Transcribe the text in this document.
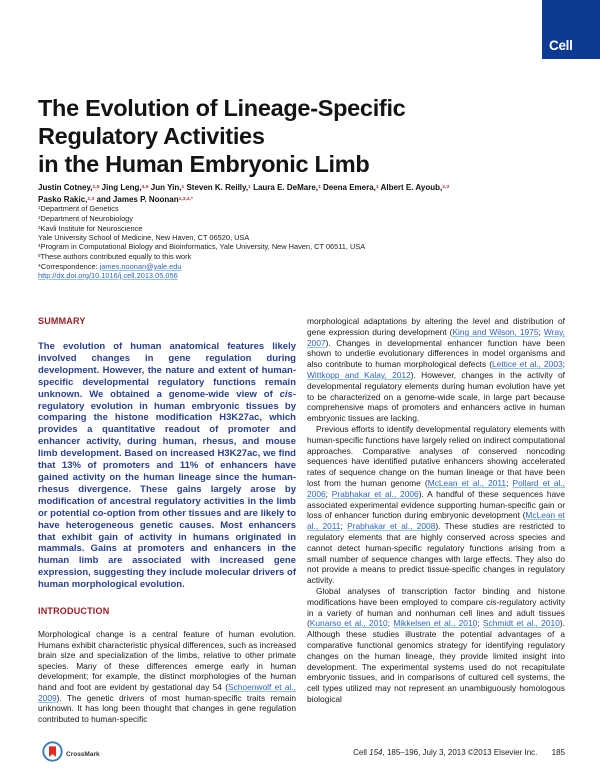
Cell
The Evolution of Lineage-Specific
Regulatory Activities
in the Human Embryonic Limb
Justin Cotney,$^{1,5}$ Jing Leng,$^{4,5}$ Jun Yin,$^1$ Steven K. Reilly,$^1$ Laura E. DeMare,$^1$ Deena Emera,$^1$ Albert E. Ayoub,$^{2,3}$
Pasko Rakic,$^{2,3}$ and James P. Noonan$^{1,3,4,*}$
$^1$Department of Genetics
$^2$Department of Neurobiology
$^3$Kavli Institute for Neuroscience
Yale University School of Medicine, New Haven, CT 06520, USA
$^4$Program in Computational Biology and Bioinformatics, Yale University, New Haven, CT 06511, USA
$^5$These authors contributed equally to this work
*Correspondence: james.noonan@yale.edu
http://dx.doi.org/10.1016/j.cell.2013.05.056
SUMMARY

The evolution of human anatomical features likely involved changes in gene regulation during development. However, the nature and extent of human-specific developmental regulatory functions remain unknown. We obtained a genome-wide view of cis-regulatory evolution in human embryonic tissues by comparing the histone modification H3K27ac, which provides a quantitative readout of promoter and enhancer activity, during human, rhesus, and mouse limb development. Based on increased H3K27ac, we find that 13% of promoters and 11% of enhancers have gained activity on the human lineage since the human-rhesus divergence. These gains largely arose by modification of ancestral regulatory activities in the limb or potential co-option from other tissues and are likely to have heterogeneous genetic causes. Most enhancers that exhibit gain of activity in humans originated in mammals. Gains at promoters and enhancers in the human limb are associated with increased gene expression, suggesting they include molecular drivers of human morphological evolution.

INTRODUCTION

Morphological change is a central feature of human evolution. Humans exhibit characteristic physical differences, such as increased brain size and specialization of the limbs, relative to other primate species. Many of these differences emerge early in human development; for example, the distinct morphologies of the human hand and foot are evident by gestational day 54 (Schoenwolf et al., 2009). The genetic drivers of most human-specific traits remain unknown. It has long been thought that changes in gene regulation contributed to human-specific

morphological adaptations by altering the level and distribution of gene expression during development (King and Wilson, 1975; Wray, 2007). Changes in developmental enhancer function have been shown to underlie evolutionary differences in model organisms and also contribute to human morphological defects (Lettice et al., 2003; Wittkopp and Kalay, 2012). However, changes in the activity of developmental regulatory elements during human evolution have yet to be characterized on a genome-wide scale, in large part because comprehensive maps of promoters and enhancers active in human embryonic tissues are lacking.
Previous efforts to identify developmental regulatory elements with human-specific functions have largely relied on indirect computational approaches. Comparative analyses of conserved noncoding sequences have identified putative enhancers showing accelerated rates of sequence change on the human lineage or that have been lost from the human genome (McLean et al., 2011; Pollard et al., 2006; Prabhakar et al., 2006). A handful of these sequences have associated experimental evidence supporting human-specific gain or loss of enhancer function during embryonic development (McLean et al., 2011; Prabhakar et al., 2008). These studies are restricted to regulatory elements that are highly conserved across species and cannot detect human-specific regulatory functions arising from a small number of sequence changes with large effects. They also do not provide a means to predict tissue-specific changes in regulatory activity.
Global analyses of transcription factor binding and histone modifications have been employed to compare cis-regulatory activity in a variety of human and nonhuman cell lines and adult tissues (Kunarso et al., 2010; Mikkelsen et al., 2010; Schmidt et al., 2010). Although these studies illustrate the potential advantages of a comparative functional genomics strategy for identifying regulatory changes on the human lineage, they provide limited insight into development. The experimental systems used do not recapitulate embryonic tissues, and in comparisons of cultured cell systems, the cell types utilized may not represent an unambiguously homologous biological
CrossMark	Cell 154, 185–196, July 3, 2013 ©2013 Elsevier Inc. 185
